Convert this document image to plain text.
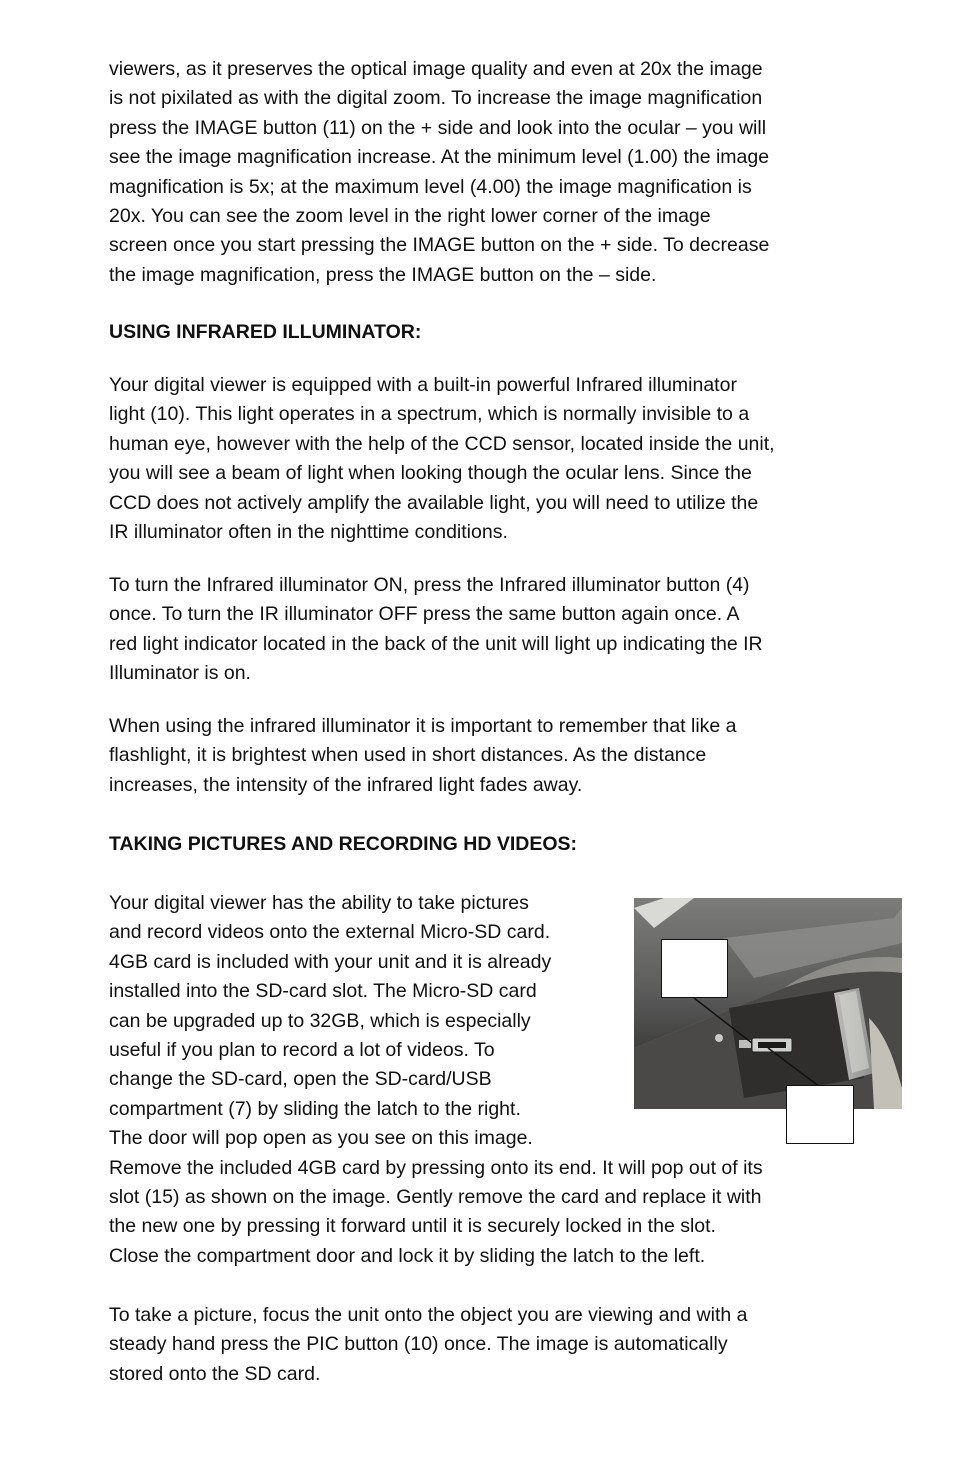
viewers, as it preserves the optical image quality and even at 20x the image
is not pixilated as with the digital zoom. To increase the image magnification
press the IMAGE button (11) on the + side and look into the ocular – you will
see the image magnification increase. At the minimum level (1.00) the image
magnification is 5x; at the maximum level (4.00) the image magnification is
20x. You can see the zoom level in the right lower corner of the image
screen once you start pressing the IMAGE button on the + side. To decrease
the image magnification, press the IMAGE button on the – side.

USING INFRARED ILLUMINATOR:

Your digital viewer is equipped with a built-in powerful Infrared illuminator
light (10). This light operates in a spectrum, which is normally invisible to a
human eye, however with the help of the CCD sensor, located inside the unit,
you will see a beam of light when looking though the ocular lens. Since the
CCD does not actively amplify the available light, you will need to utilize the
IR illuminator often in the nighttime conditions.

To turn the Infrared illuminator ON, press the Infrared illuminator button (4)
once. To turn the IR illuminator OFF press the same button again once. A
red light indicator located in the back of the unit will light up indicating the IR
Illuminator is on.

When using the infrared illuminator it is important to remember that like a
flashlight, it is brightest when used in short distances. As the distance
increases, the intensity of the infrared light fades away.

TAKING PICTURES AND RECORDING HD VIDEOS:

Your digital viewer has the ability to take pictures
and record videos onto the external Micro-SD card.
4GB card is included with your unit and it is already
installed into the SD-card slot. The Micro-SD card
can be upgraded up to 32GB, which is especially
useful if you plan to record a lot of videos. To
change the SD-card, open the SD-card/USB
compartment (7) by sliding the latch to the right.
The door will pop open as you see on this image.
Remove the included 4GB card by pressing onto its end. It will pop out of its
slot (15) as shown on the image. Gently remove the card and replace it with
the new one by pressing it forward until it is securely locked in the slot.
Close the compartment door and lock it by sliding the latch to the left.

To take a picture, focus the unit onto the object you are viewing and with a
steady hand press the PIC button (10) once. The image is automatically
stored onto the SD card.
